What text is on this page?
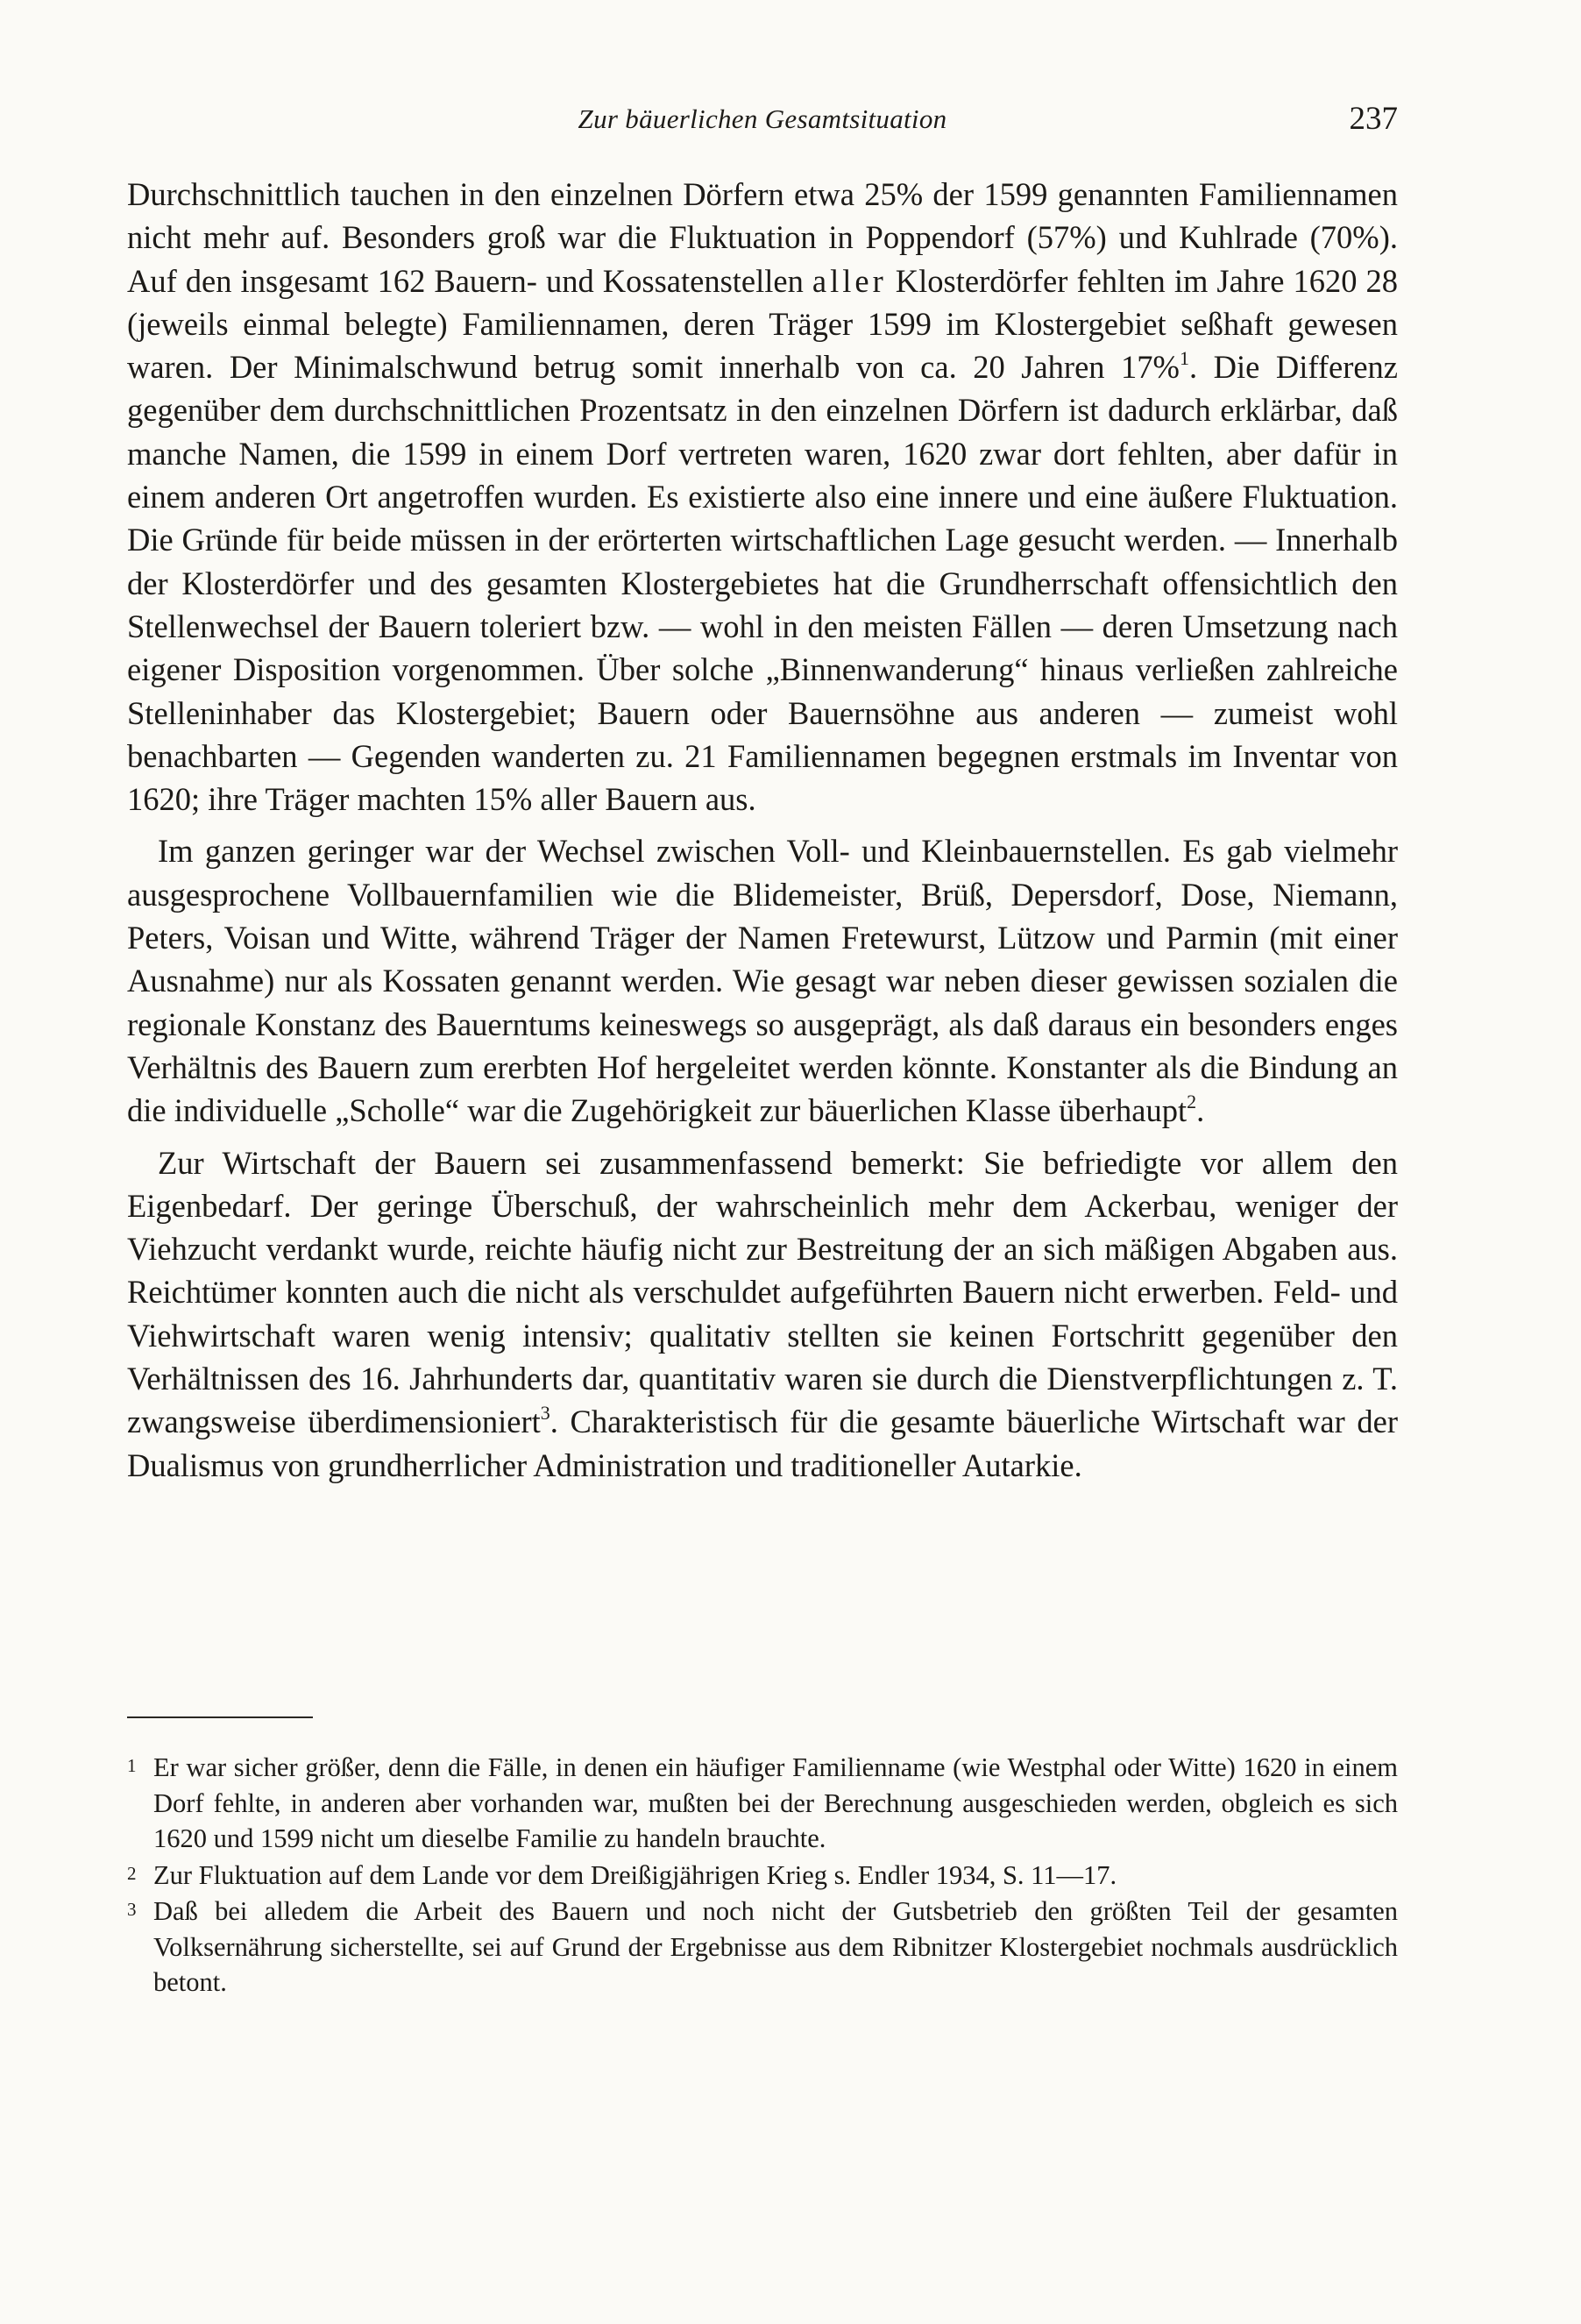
Zur bäuerlichen Gesamtsituation	237

Durchschnittlich tauchen in den einzelnen Dörfern etwa 25% der 1599 genannten Familiennamen nicht mehr auf. Besonders groß war die Fluktuation in Poppendorf (57%) und Kuhlrade (70%). Auf den insgesamt 162 Bauern- und Kossatenstellen aller Klosterdörfer fehlten im Jahre 1620 28 (jeweils einmal belegte) Familiennamen, deren Träger 1599 im Klostergebiet seßhaft gewesen waren. Der Minimalschwund betrug somit innerhalb von ca. 20 Jahren 17%$^1$. Die Differenz gegenüber dem durchschnittlichen Prozentsatz in den einzelnen Dörfern ist dadurch erklärbar, daß manche Namen, die 1599 in einem Dorf vertreten waren, 1620 zwar dort fehlten, aber dafür in einem anderen Ort angetroffen wurden. Es existierte also eine innere und eine äußere Fluktuation. Die Gründe für beide müssen in der erörterten wirtschaftlichen Lage gesucht werden. — Innerhalb der Klosterdörfer und des gesamten Klostergebietes hat die Grundherrschaft offensichtlich den Stellenwechsel der Bauern toleriert bzw. — wohl in den meisten Fällen — deren Umsetzung nach eigener Disposition vorgenommen. Über solche „Binnenwanderung“ hinaus verließen zahlreiche Stelleninhaber das Klostergebiet; Bauern oder Bauernsöhne aus anderen — zumeist wohl benachbarten — Gegenden wanderten zu. 21 Familiennamen begegnen erstmals im Inventar von 1620; ihre Träger machten 15% aller Bauern aus.

Im ganzen geringer war der Wechsel zwischen Voll- und Kleinbauernstellen. Es gab vielmehr ausgesprochene Vollbauernfamilien wie die Blidemeister, Brüß, Depersdorf, Dose, Niemann, Peters, Voisan und Witte, während Träger der Namen Fretewurst, Lützow und Parmin (mit einer Ausnahme) nur als Kossaten genannt werden. Wie gesagt war neben dieser gewissen sozialen die regionale Konstanz des Bauerntums keineswegs so ausgeprägt, als daß daraus ein besonders enges Verhältnis des Bauern zum ererbten Hof hergeleitet werden könnte. Konstanter als die Bindung an die individuelle „Scholle“ war die Zugehörigkeit zur bäuerlichen Klasse überhaupt$^2$.

Zur Wirtschaft der Bauern sei zusammenfassend bemerkt: Sie befriedigte vor allem den Eigenbedarf. Der geringe Überschuß, der wahrscheinlich mehr dem Ackerbau, weniger der Viehzucht verdankt wurde, reichte häufig nicht zur Bestreitung der an sich mäßigen Abgaben aus. Reichtümer konnten auch die nicht als verschuldet aufgeführten Bauern nicht erwerben. Feld- und Viehwirtschaft waren wenig intensiv; qualitativ stellten sie keinen Fortschritt gegenüber den Verhältnissen des 16. Jahrhunderts dar, quantitativ waren sie durch die Dienstverpflichtungen z. T. zwangsweise überdimensioniert$^3$. Charakteristisch für die gesamte bäuerliche Wirtschaft war der Dualismus von grundherrlicher Administration und traditioneller Autarkie.

1 Er war sicher größer, denn die Fälle, in denen ein häufiger Familienname (wie Westphal oder Witte) 1620 in einem Dorf fehlte, in anderen aber vorhanden war, mußten bei der Berechnung ausgeschieden werden, obgleich es sich 1620 und 1599 nicht um dieselbe Familie zu handeln brauchte.
2 Zur Fluktuation auf dem Lande vor dem Dreißigjährigen Krieg s. Endler 1934, S. 11—17.
3 Daß bei alledem die Arbeit des Bauern und noch nicht der Gutsbetrieb den größten Teil der gesamten Volksernährung sicherstellte, sei auf Grund der Ergebnisse aus dem Ribnitzer Klostergebiet nochmals ausdrücklich betont.
